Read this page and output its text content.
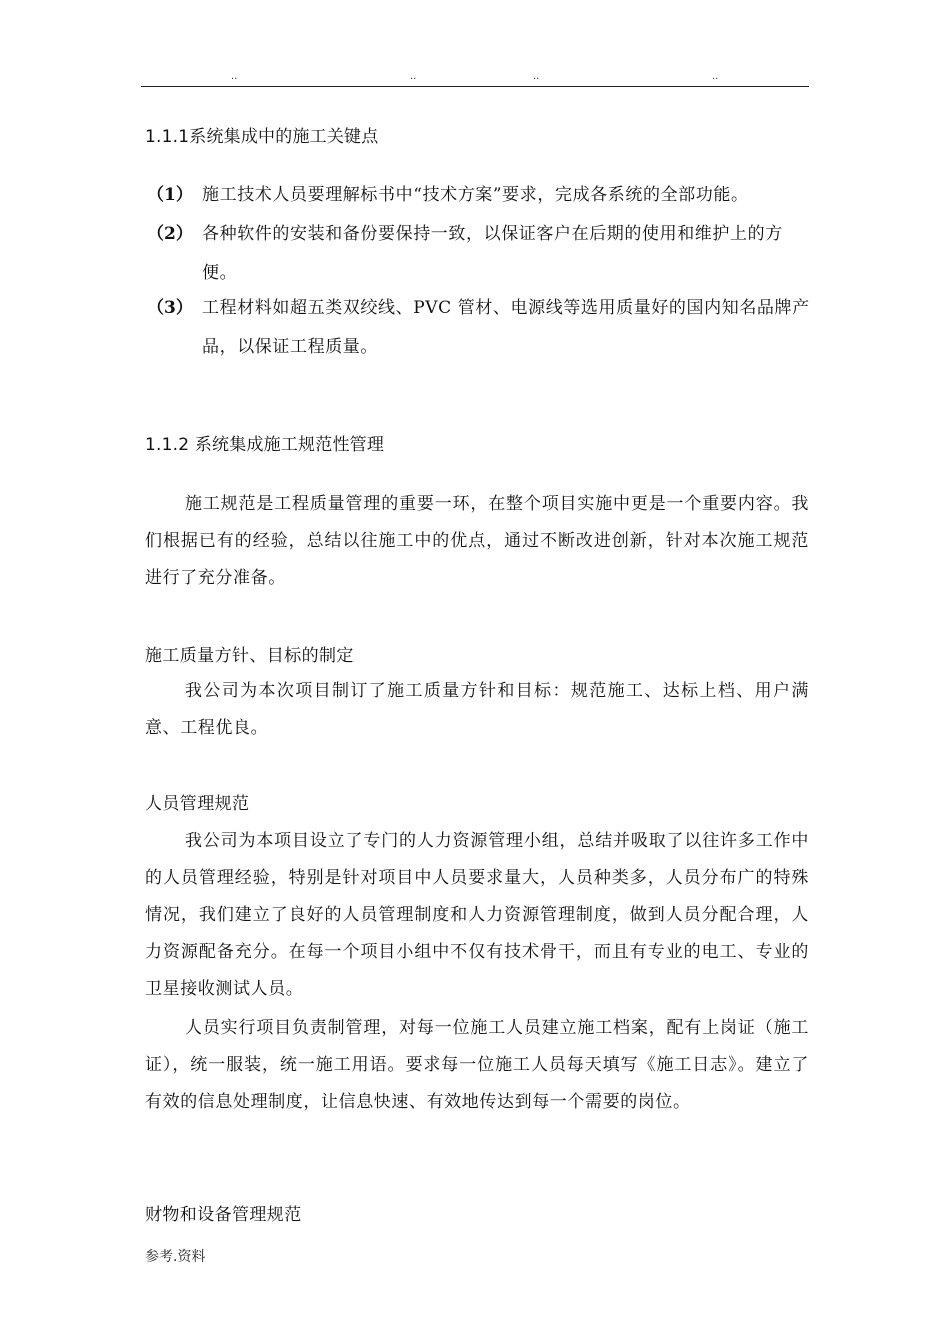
..	..	..	..
1.1.1系统集成中的施工关键点
（1） 施工技术人员要理解标书中“技术方案”要求，完成各系统的全部功能。
（2） 各种软件的安装和备份要保持一致，以保证客户在后期的使用和维护上的方便。
（3） 工程材料如超五类双绞线、PVC 管材、电源线等选用质量好的国内知名品牌产品，以保证工程质量。
1.1.2 系统集成施工规范性管理

施工规范是工程质量管理的重要一环，在整个项目实施中更是一个重要内容。我们根据已有的经验，总结以往施工中的优点，通过不断改进创新，针对本次施工规范进行了充分准备。

施工质量方针、目标的制定

我公司为本次项目制订了施工质量方针和目标：规范施工、达标上档、用户满意、工程优良。

人员管理规范

我公司为本项目设立了专门的人力资源管理小组，总结并吸取了以往许多工作中的人员管理经验，特别是针对项目中人员要求量大，人员种类多，人员分布广的特殊情况，我们建立了良好的人员管理制度和人力资源管理制度，做到人员分配合理，人力资源配备充分。在每一个项目小组中不仅有技术骨干，而且有专业的电工、专业的卫星接收测试人员。

人员实行项目负责制管理，对每一位施工人员建立施工档案，配有上岗证（施工证），统一服装，统一施工用语。要求每一位施工人员每天填写《施工日志》。建立了有效的信息处理制度，让信息快速、有效地传达到每一个需要的岗位。

财物和设备管理规范
参考.资料
